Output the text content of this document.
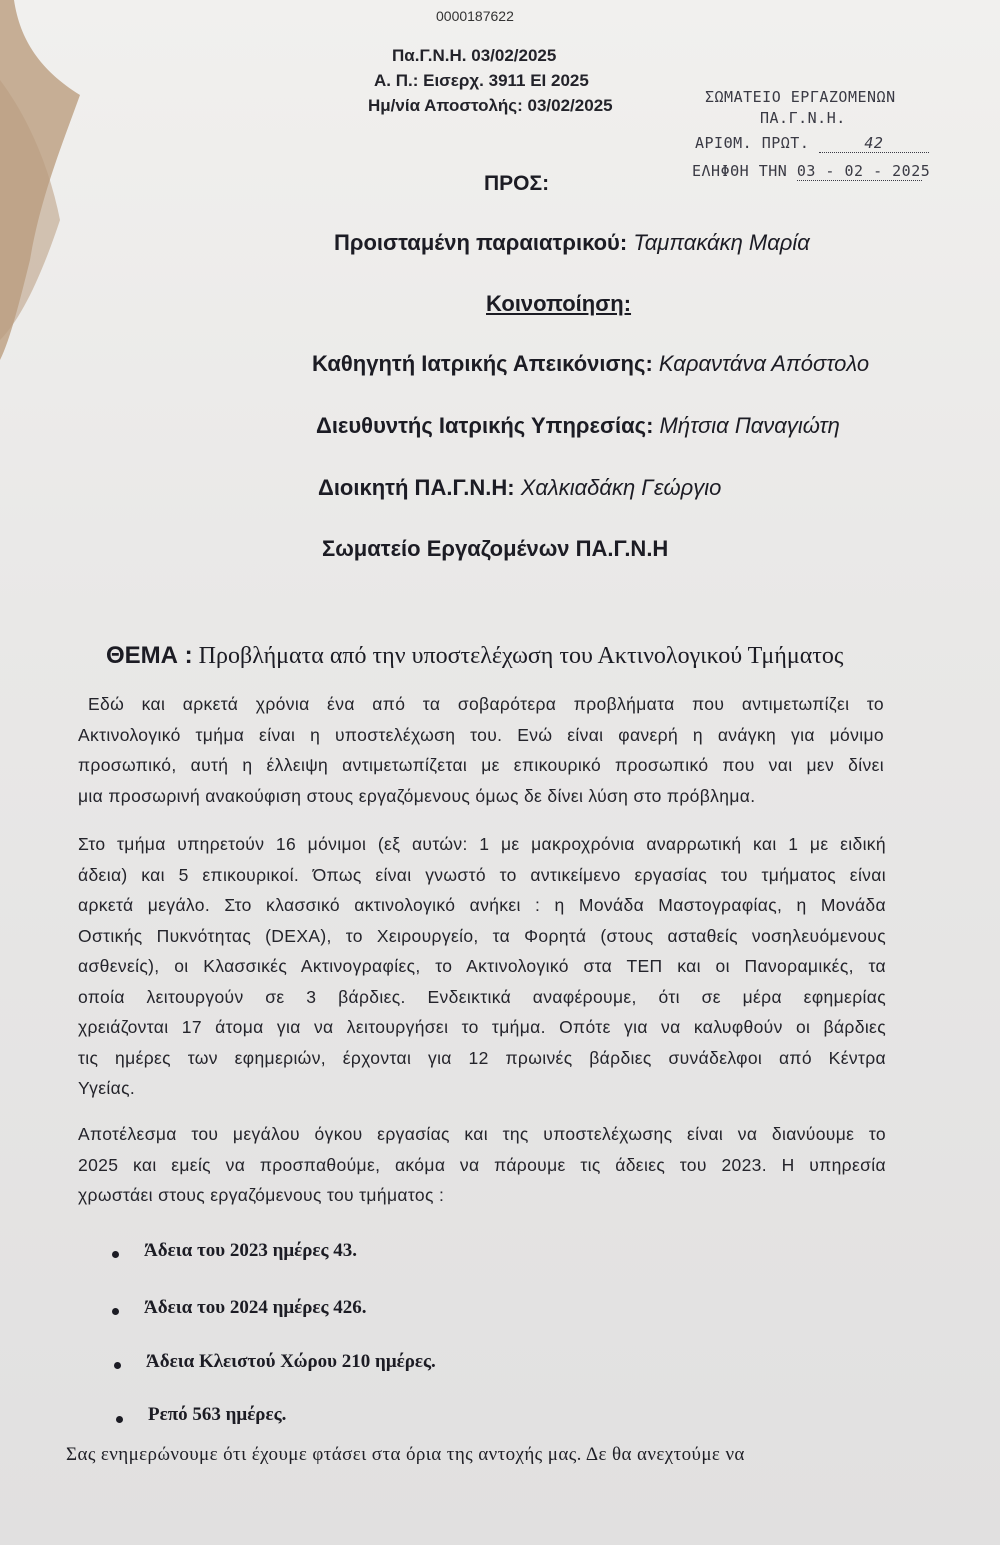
0000187622
Πα.Γ.Ν.Η. 03/02/2025
Α. Π.: Εισερχ. 3911 ΕΙ 2025
Ημ/νία Αποστολής: 03/02/2025	ΣΩΜΑΤΕΙΟ ΕΡΓΑΖΟΜΕΝΩΝ
ΠΑ.Γ.Ν.Η.
ΑΡΙΘΜ. ΠΡΩΤ.	42
ΕΛΗΦΘΗ ΤΗΝ 03 - 02 - 2025
ΠΡΟΣ:
Προισταμένη παραιατρικού: Ταμπακάκη Μαρία
Κοινοποίηση:
Καθηγητή Ιατρικής Απεικόνισης: Καραντάνα Απόστολο
Διευθυντής Ιατρικής Υπηρεσίας: Μήτσια Παναγιώτη
Διοικητή ΠΑ.Γ.Ν.Η: Χαλκιαδάκη Γεώργιο
Σωματείο Εργαζομένων ΠΑ.Γ.Ν.Η
ΘΕΜΑ : Προβλήματα από την υποστελέχωση του Ακτινολογικού Τμήματος
Εδώ και αρκετά χρόνια ένα από τα σοβαρότερα προβλήματα που αντιμετωπίζει το
Ακτινολογικό τμήμα είναι η υποστελέχωση του. Ενώ είναι φανερή η ανάγκη για μόνιμο
προσωπικό, αυτή η έλλειψη αντιμετωπίζεται με επικουρικό προσωπικό που ναι μεν δίνει
μια προσωρινή ανακούφιση στους εργαζόμενους όμως δε δίνει λύση στο πρόβλημα.
Στο τμήμα υπηρετούν 16 μόνιμοι (εξ αυτών: 1 με μακροχρόνια αναρρωτική και 1 με ειδική
άδεια) και 5 επικουρικοί. Όπως είναι γνωστό το αντικείμενο εργασίας του τμήματος είναι
αρκετά μεγάλο. Στο κλασσικό ακτινολογικό ανήκει : η Μονάδα Μαστογραφίας, η Μονάδα
Οστικής Πυκνότητας (DEXA), το Χειρουργείο, τα Φορητά (στους ασταθείς νοσηλευόμενους
ασθενείς), οι Κλασσικές Ακτινογραφίες, το Ακτινολογικό στα ΤΕΠ και οι Πανοραμικές, τα
οποία λειτουργούν σε 3 βάρδιες. Ενδεικτικά αναφέρουμε, ότι σε μέρα εφημερίας
χρειάζονται 17 άτομα για να λειτουργήσει το τμήμα. Οπότε για να καλυφθούν οι βάρδιες
τις ημέρες των εφημεριών, έρχονται για 12 πρωινές βάρδιες συνάδελφοι από Κέντρα
Υγείας.
Αποτέλεσμα του μεγάλου όγκου εργασίας και της υποστελέχωσης είναι να διανύουμε το
2025 και εμείς να προσπαθούμε, ακόμα να πάρουμε τις άδειες του 2023. Η υπηρεσία
χρωστάει στους εργαζόμενους του τμήματος :
Άδεια του 2023 ημέρες 43.
Άδεια του 2024 ημέρες 426.
Άδεια Κλειστού Χώρου 210 ημέρες.
Ρεπό 563 ημέρες.
Σας ενημερώνουμε ότι έχουμε φτάσει στα όρια της αντοχής μας. Δε θα ανεχτούμε να
